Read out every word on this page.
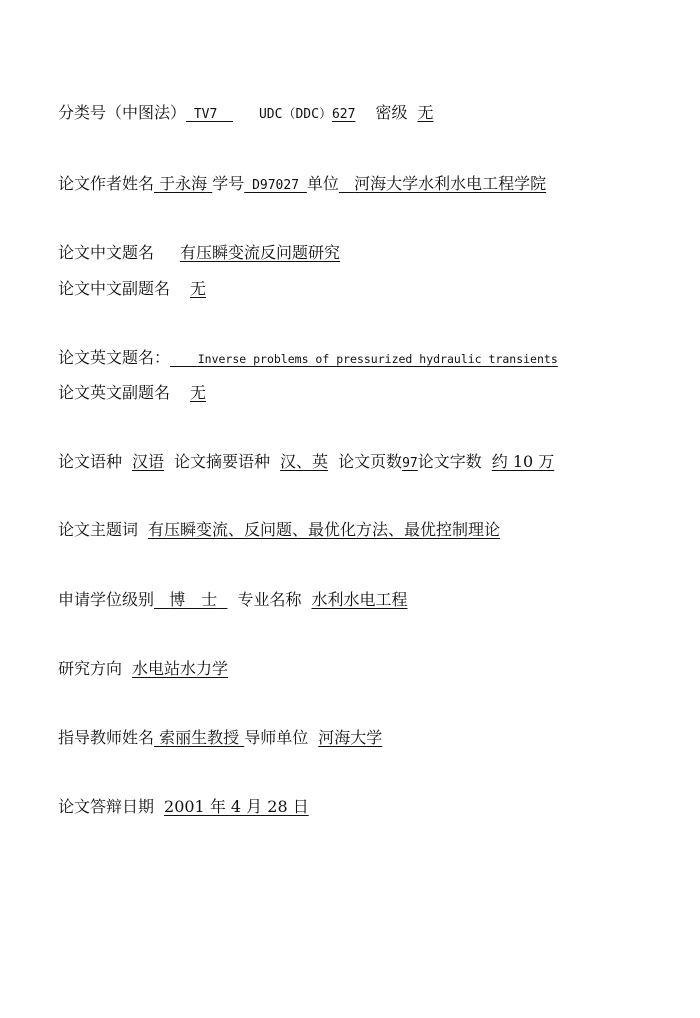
分类号（中图法） TV7	UDC（DDC）627 密级 无
论文作者姓名 于永海 学号 D97027 单位 河海大学水利水电工程学院
论文中文题名 有压瞬变流反问题研究
论文中文副题名 无
论文英文题名： Inverse problems of pressurized hydraulic transients
论文英文副题名 无
论文语种 汉语 论文摘要语种 汉、英 论文页数97论文字数 约 10 万
论文主题词 有压瞬变流、反问题、最优化方法、最优控制理论
申请学位级别 博　士 专业名称 水利水电工程
研究方向 水电站水力学
指导教师姓名 索丽生教授 导师单位 河海大学
论文答辩日期 2001 年 4 月 28 日
